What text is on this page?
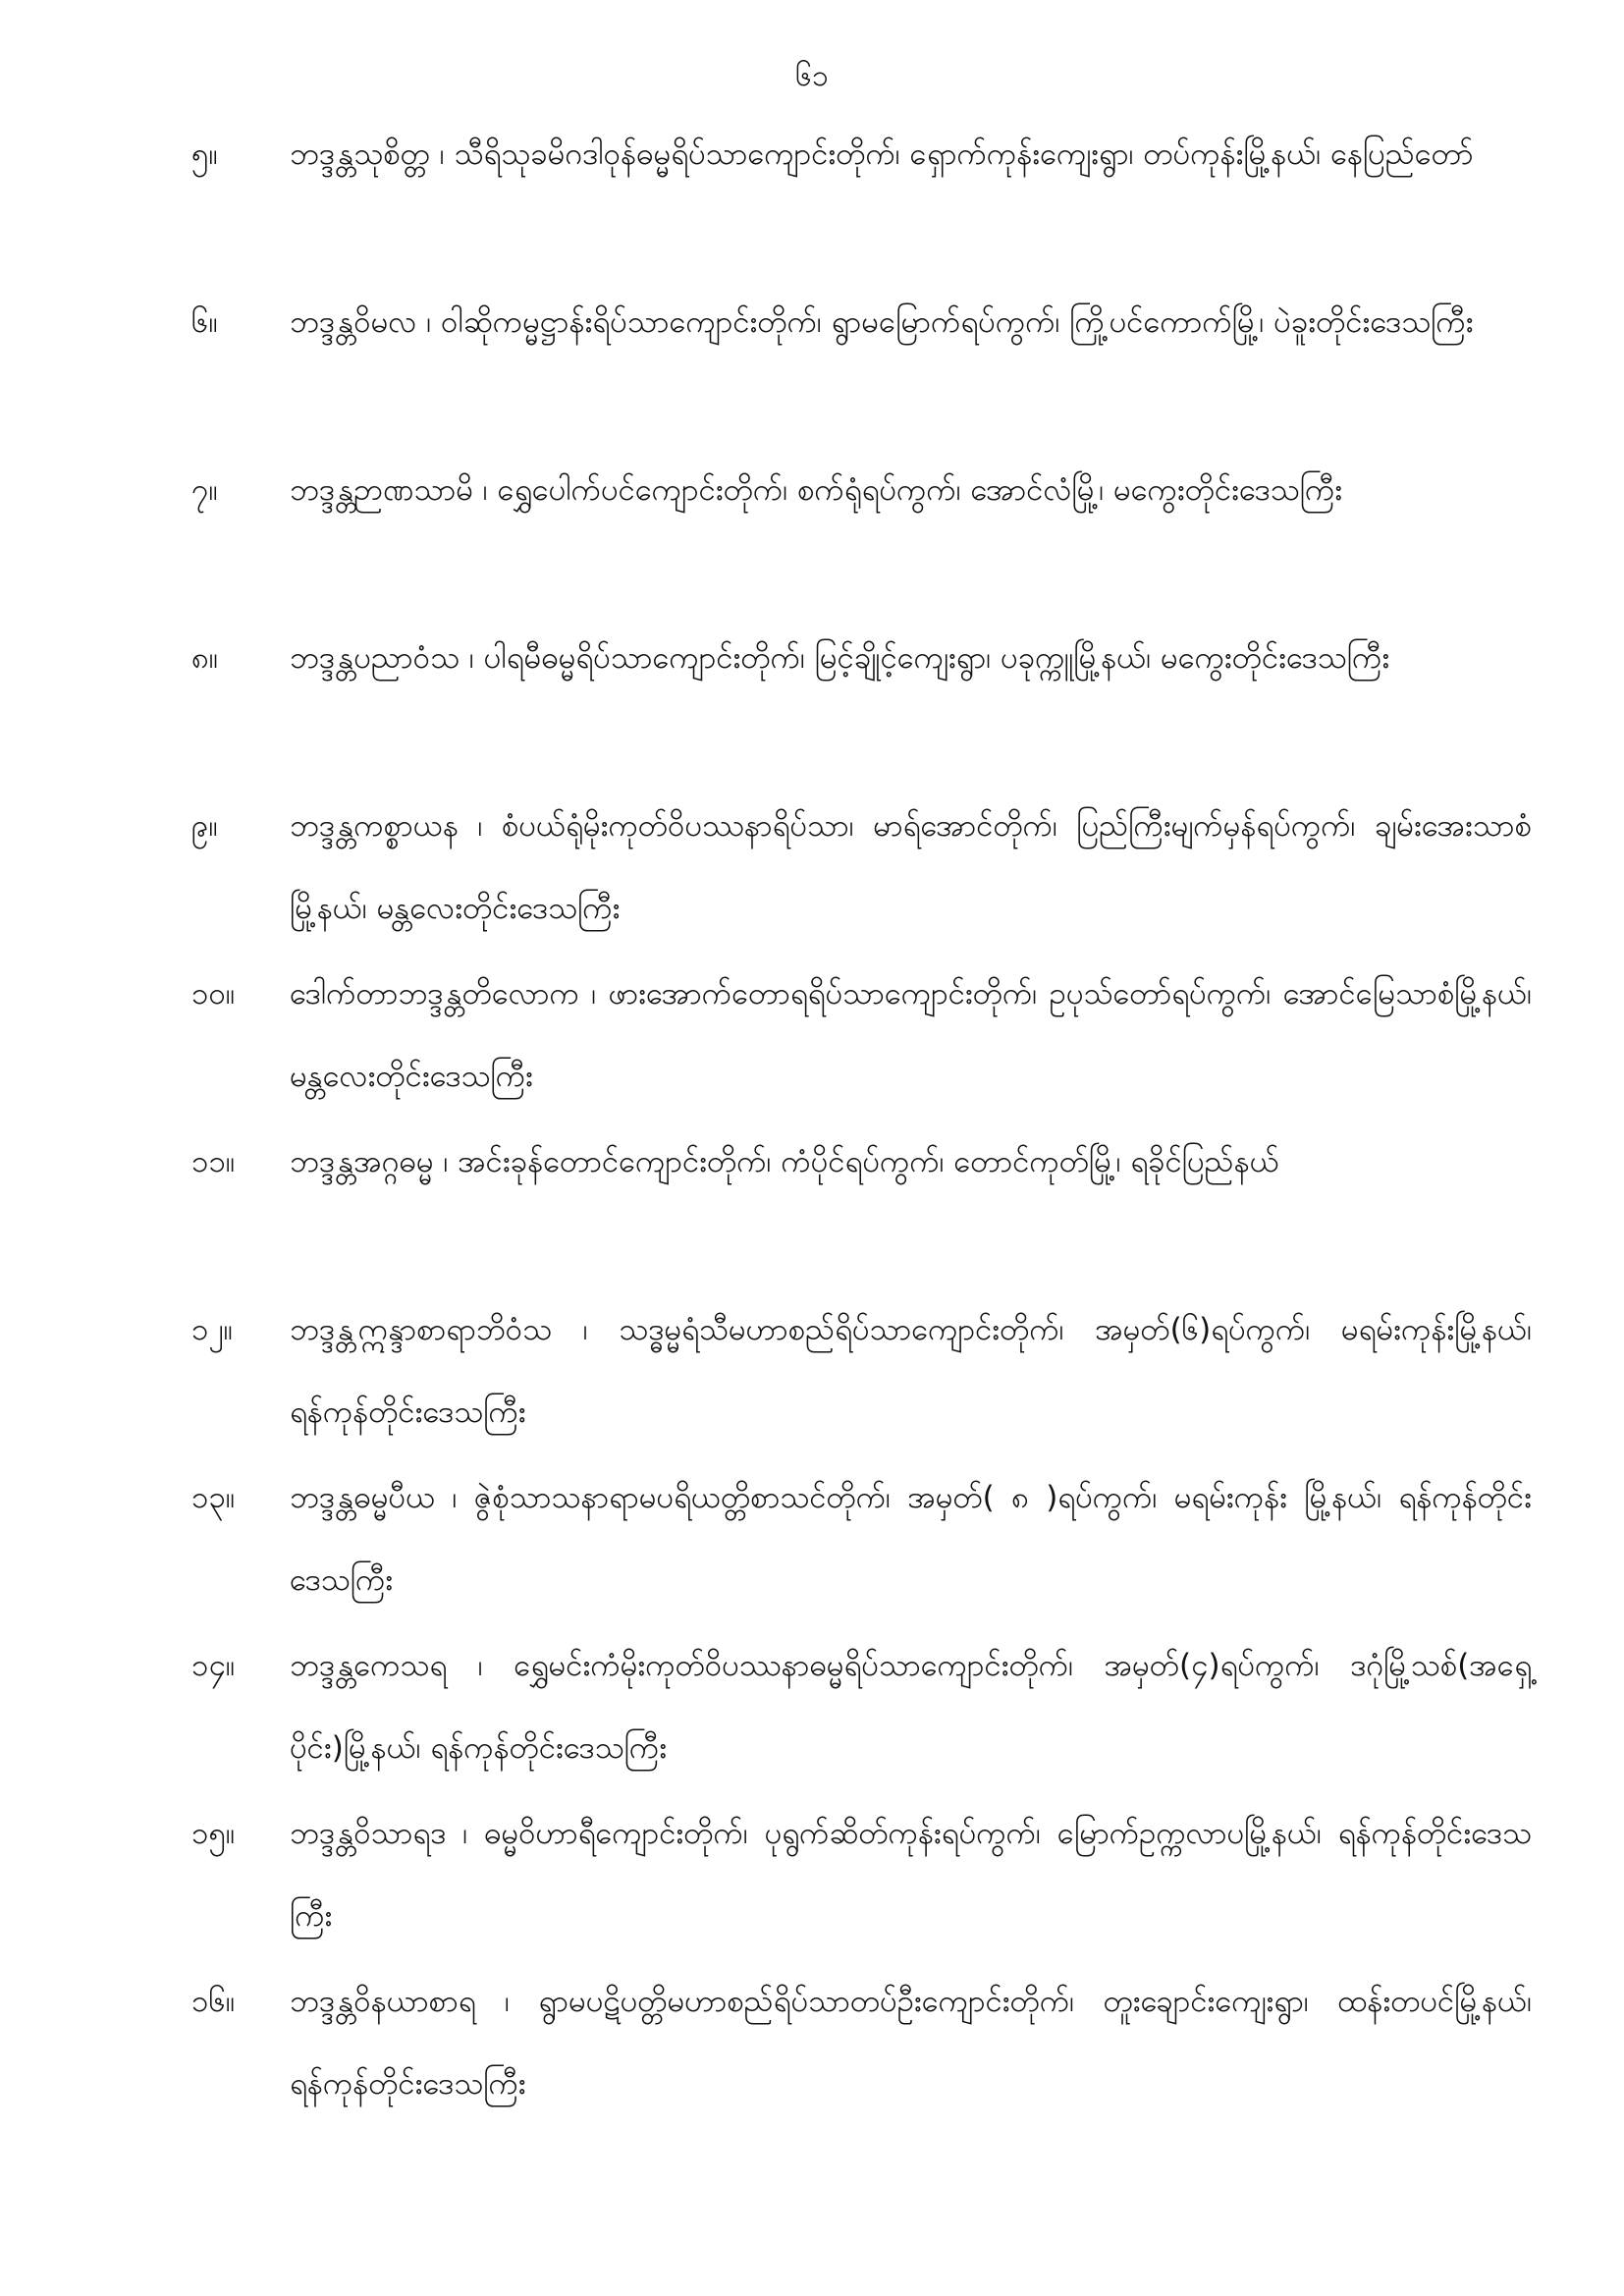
၆၁
၅။	ဘဒ္ဒန္တသုစိတ္တ ၊ သီရိသုခမိဂဒါဝုန်ဓမ္မရိပ်သာကျောင်းတိုက်၊ ရှောက်ကုန်းကျေးရွာ၊ တပ်ကုန်းမြို့နယ်၊ နေပြည်တော်
၆။	ဘဒ္ဒန္တဝိမလ ၊ ဝါဆိုကမ္မဋ္ဌာန်းရိပ်သာကျောင်းတိုက်၊ ရွာမမြောက်ရပ်ကွက်၊ ကြို့ပင်ကောက်မြို့၊ ပဲခူးတိုင်းဒေသကြီး
၇။	ဘဒ္ဒန္တဉာဏသာမိ ၊ ရွှေပေါက်ပင်ကျောင်းတိုက်၊ စက်ရုံရပ်ကွက်၊ အောင်လံမြို့၊ မကွေးတိုင်းဒေသကြီး
၈။	ဘဒ္ဒန္တပညာဝံသ ၊ ပါရမီဓမ္မရိပ်သာကျောင်းတိုက်၊ မြင့်ချိုင့်ကျေးရွာ၊ ပခုက္ကူမြို့နယ်၊ မကွေးတိုင်းဒေသကြီး
၉။	ဘဒ္ဒန္တကစ္စာယန ၊ စံပယ်ရုံမိုးကုတ်ဝိပဿနာရိပ်သာ၊ မာရ်အောင်တိုက်၊ ပြည်ကြီးမျက်မှန်ရပ်ကွက်၊ ချမ်းအေးသာစံမြို့နယ်၊ မန္တလေးတိုင်းဒေသကြီး
၁၀။	ဒေါက်တာဘဒ္ဒန္တတိလောက ၊ ဖားအောက်တောရရိပ်သာကျောင်းတိုက်၊ ဥပုသ်တော်ရပ်ကွက်၊ အောင်မြေသာစံမြို့နယ်၊ မန္တလေးတိုင်းဒေသကြီး
၁၁။	ဘဒ္ဒန္တအဂ္ဂဓမ္မ ၊ အင်းခုန်တောင်ကျောင်းတိုက်၊ ကံပိုင်ရပ်ကွက်၊ တောင်ကုတ်မြို့၊ ရခိုင်ပြည်နယ်
၁၂။	ဘဒ္ဒန္တဣန္ဒာစာရာဘိဝံသ ၊ သဒ္ဓမ္မရံသီမဟာစည်ရိပ်သာကျောင်းတိုက်၊ အမှတ်(၆)ရပ်ကွက်၊ မရမ်းကုန်းမြို့နယ်၊ ရန်ကုန်တိုင်းဒေသကြီး
၁၃။	ဘဒ္ဒန္တဓမ္မပီယ ၊ ဇွဲစုံသာသနာရာမပရိယတ္တိစာသင်တိုက်၊ အမှတ်( ၈ )ရပ်ကွက်၊ မရမ်းကုန်း မြို့နယ်၊ ရန်ကုန်တိုင်းဒေသကြီး
၁၄။	ဘဒ္ဒန္တကေသရ ၊ ရွှေမင်းကံမိုးကုတ်ဝိပဿနာဓမ္မရိပ်သာကျောင်းတိုက်၊ အမှတ်(၄)ရပ်ကွက်၊ ဒဂုံမြို့သစ်(အရှေ့ပိုင်း)မြို့နယ်၊ ရန်ကုန်တိုင်းဒေသကြီး
၁၅။	ဘဒ္ဒန္တဝိသာရဒ ၊ ဓမ္မဝိဟာရီကျောင်းတိုက်၊ ပုရွက်ဆိတ်ကုန်းရပ်ကွက်၊ မြောက်ဥက္ကလာပမြို့နယ်၊ ရန်ကုန်တိုင်းဒေသကြီး
၁၆။	ဘဒ္ဒန္တဝိနယာစာရ ၊ ရွာမပဋိပတ္တိမဟာစည်ရိပ်သာတပ်ဦးကျောင်းတိုက်၊ တူးချောင်းကျေးရွာ၊ ထန်းတပင်မြို့နယ်၊ ရန်ကုန်တိုင်းဒေသကြီး
